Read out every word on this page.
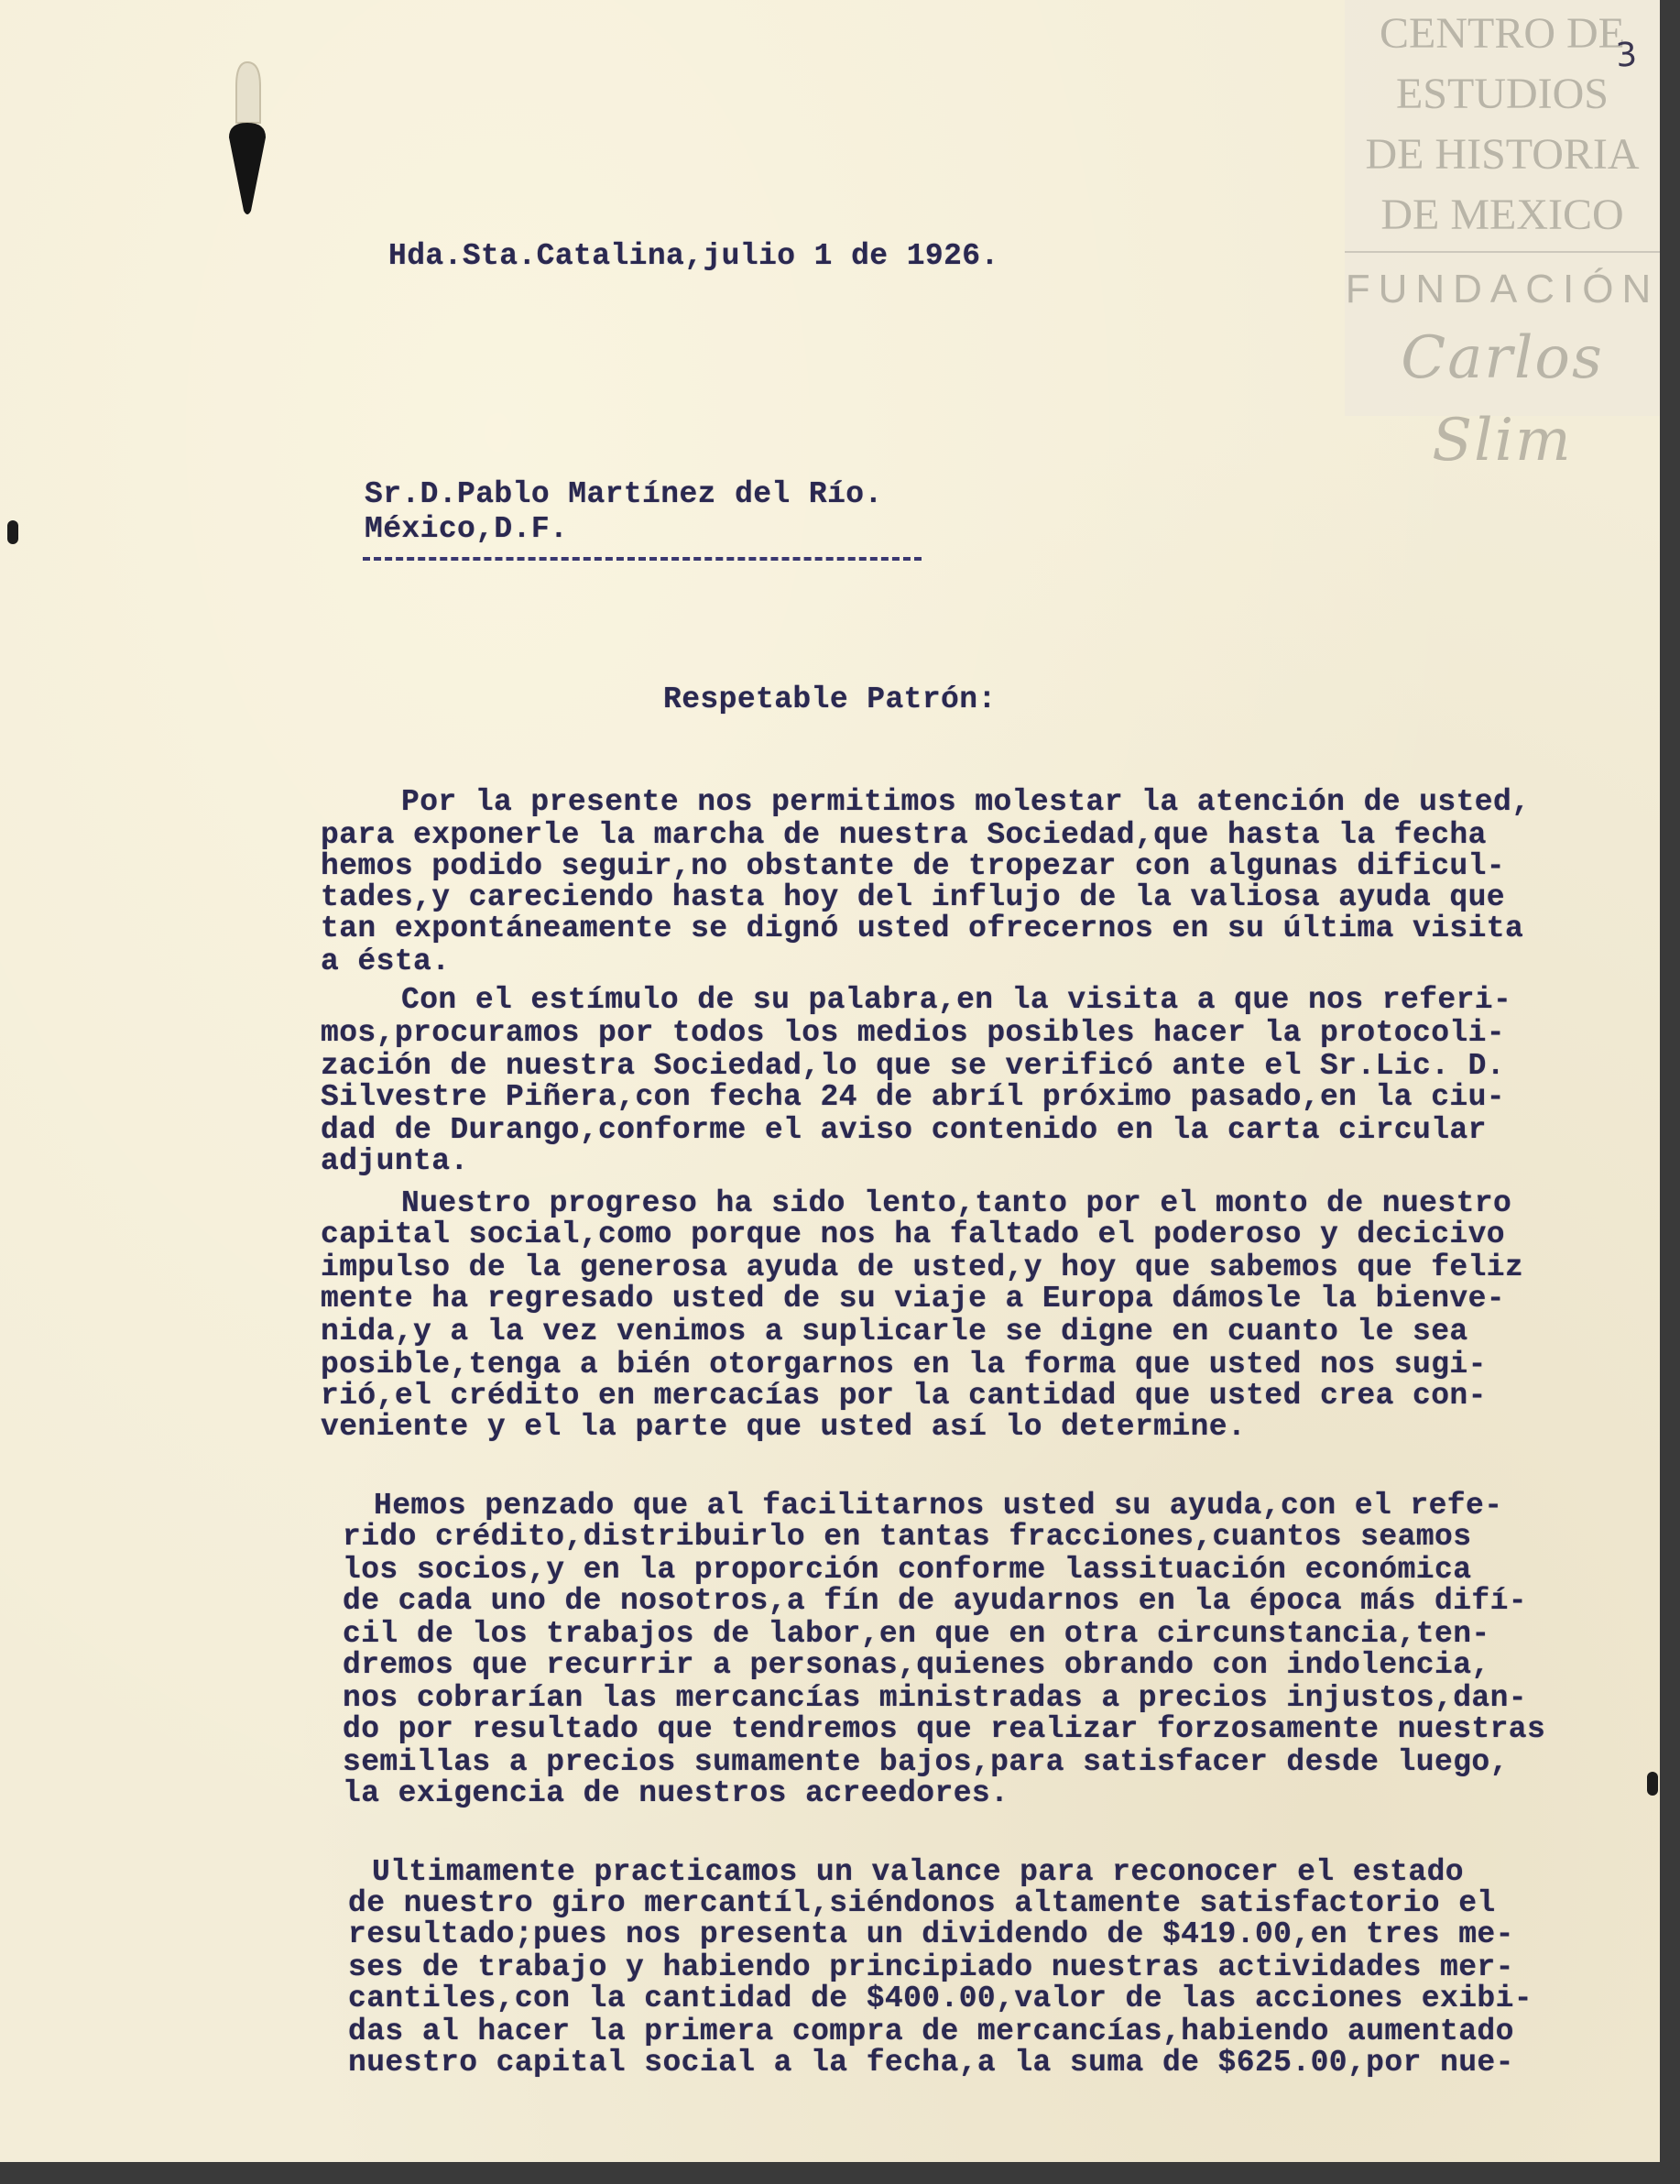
CENTRO DE
ESTUDIOS
DE HISTORIA
DE MEXICO
FUNDACIÓN
Carlos Slim
3
Hda.Sta.Catalina,julio 1 de 1926.
Sr.D.Pablo Martínez del Río.
México,D.F.
Respetable Patrón:
Por la presente nos permitimos molestar la atención de usted,
para exponerle la marcha de nuestra Sociedad,que hasta la fecha
hemos podido seguir,no obstante de tropezar con algunas dificul-
tades,y careciendo hasta hoy del influjo de la valiosa ayuda que
tan expontáneamente se dignó usted ofrecernos en su última visita
a ésta.
Con el estímulo de su palabra,en la visita a que nos referi-
mos,procuramos por todos los medios posibles hacer la protocoli-
zación de nuestra Sociedad,lo que se verificó ante el Sr.Lic. D.
Silvestre Piñera,con fecha 24 de abríl próximo pasado,en la ciu-
dad de Durango,conforme el aviso contenido en la carta circular
adjunta.
Nuestro progreso ha sido lento,tanto por el monto de nuestro
capital social,como porque nos ha faltado el poderoso y decicivo
impulso de la generosa ayuda de usted,y hoy que sabemos que feliz
mente ha regresado usted de su viaje a Europa dámosle la bienve-
nida,y a la vez venimos a suplicarle se digne en cuanto le sea
posible,tenga a bién otorgarnos en la forma que usted nos sugi-
rió,el crédito en mercacías por la cantidad que usted crea con-
veniente y el la parte que usted así lo determine.
Hemos penzado que al facilitarnos usted su ayuda,con el refe-
rido crédito,distribuirlo en tantas fracciones,cuantos seamos
los socios,y en la proporción conforme lassituación económica
de cada uno de nosotros,a fín de ayudarnos en la época más difí-
cil de los trabajos de labor,en que en otra circunstancia,ten-
dremos que recurrir a personas,quienes obrando con indolencia,
nos cobrarían las mercancías ministradas a precios injustos,dan-
do por resultado que tendremos que realizar forzosamente nuestras
semillas a precios sumamente bajos,para satisfacer desde luego,
la exigencia de nuestros acreedores.
Ultimamente practicamos un valance para reconocer el estado
de nuestro giro mercantíl,siéndonos altamente satisfactorio el
resultado;pues nos presenta un dividendo de $419.00,en tres me-
ses de trabajo y habiendo principiado nuestras actividades mer-
cantiles,con la cantidad de $400.00,valor de las acciones exibi-
das al hacer la primera compra de mercancías,habiendo aumentado
nuestro capital social a la fecha,a la suma de $625.00,por nue-
